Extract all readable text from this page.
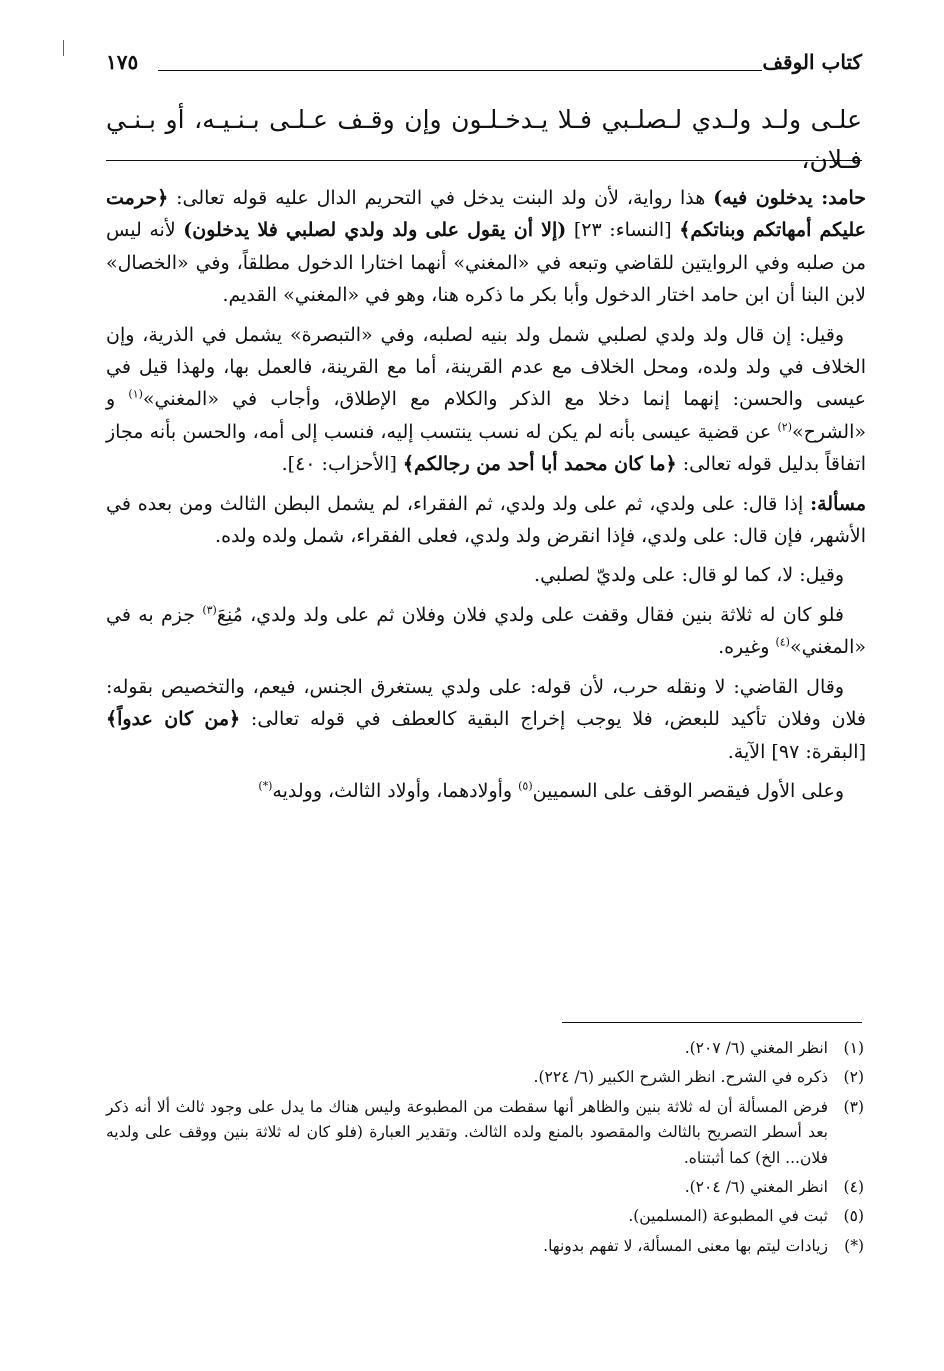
كتاب الوقف
١٧٥
علـى ولـد ولـدي لـصلـبي فـلا يـدخـلـون وإن وقـف عـلـى بـنـيـه، أو بـنـي فـلان،

حامد: يدخلون فيه) هذا رواية، لأن ولد البنت يدخل في التحريم الدال عليه قوله تعالى: ﴿حرمت عليكم أمهاتكم وبناتكم﴾ [النساء: ٢٣] (إلا أن يقول على ولد ولدي لصلبي فلا يدخلون) لأنه ليس من صلبه وفي الروايتين للقاضي وتبعه في «المغني» أنهما اختارا الدخول مطلقاً، وفي «الخصال» لابن البنا أن ابن حامد اختار الدخول وأبا بكر ما ذكره هنا، وهو في «المغني» القديم.

وقيل: إن قال ولد ولدي لصلبي شمل ولد بنيه لصلبه، وفي «التبصرة» يشمل في الذرية، وإن الخلاف في ولد ولده، ومحل الخلاف مع عدم القرينة، أما مع القرينة، فالعمل بها، ولهذا قيل في عيسى والحسن: إنهما إنما دخلا مع الذكر والكلام مع الإطلاق، وأجاب في «المغني»$^{(١)}$ و «الشرح»$^{(٢)}$ عن قضية عيسى بأنه لم يكن له نسب ينتسب إليه، فنسب إلى أمه، والحسن بأنه مجاز اتفاقاً بدليل قوله تعالى: ﴿ما كان محمد أبا أحد من رجالكم﴾ [الأحزاب: ٤٠].

مسألة: إذا قال: على ولدي، ثم على ولد ولدي، ثم الفقراء، لم يشمل البطن الثالث ومن بعده في الأشهر، فإن قال: على ولدي، فإذا انقرض ولد ولدي، فعلى الفقراء، شمل ولده ولده.

وقيل: لا، كما لو قال: على ولديّ لصلبي.

فلو كان له ثلاثة بنين فقال وقفت على ولدي فلان وفلان ثم على ولد ولدي، مُنِعَ$^{(٣)}$ جزم به في «المغني»$^{(٤)}$ وغيره.

وقال القاضي: لا ونقله حرب، لأن قوله: على ولدي يستغرق الجنس، فيعم، والتخصيص بقوله: فلان وفلان تأكيد للبعض، فلا يوجب إخراج البقية كالعطف في قوله تعالى: ﴿من كان عدواً﴾ [البقرة: ٩٧] الآية.

وعلى الأول فيقصر الوقف على السميين$^{(٥)}$ وأولادهما، وأولاد الثالث، وولديه(*)

(١)
انظر المغني (٦/ ٢٠٧).
(٢)
ذكره في الشرح. انظر الشرح الكبير (٦/ ٢٢٤).
(٣)
فرض المسألة أن له ثلاثة بنين والظاهر أنها سقطت من المطبوعة وليس هناك ما يدل على وجود ثالث ألا أنه ذكر بعد أسطر التصريح بالثالث والمقصود بالمنع ولده الثالث. وتقدير العبارة (فلو كان له ثلاثة بنين ووقف على ولديه فلان... الخ) كما أثبتناه.
(٤)
انظر المغني (٦/ ٢٠٤).
(٥)
ثبت في المطبوعة (المسلمين).
(*)
زيادات ليتم بها معنى المسألة، لا تفهم بدونها.
